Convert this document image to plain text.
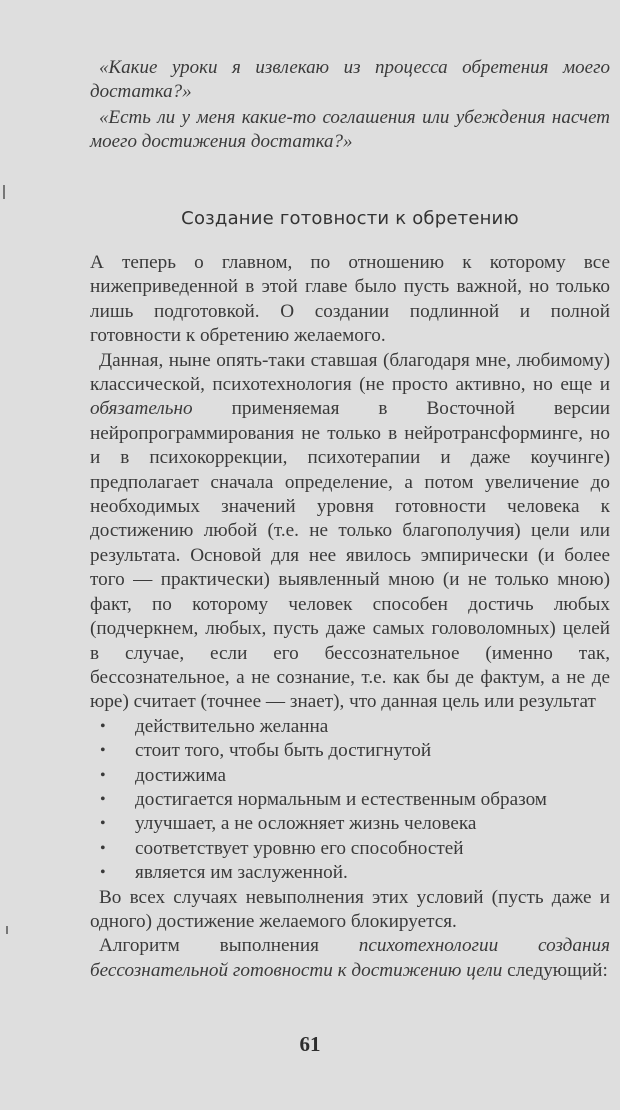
«Какие уроки я извлекаю из процесса обретения моего достатка?»

«Есть ли у меня какие-то соглашения или убеждения насчет моего достижения достатка?»

Создание готовности к обретению

А теперь о главном, по отношению к которому все нижеприведенной в этой главе было пусть важной, но только лишь подготовкой. О создании подлинной и полной готовности к обретению желаемого.

Данная, ныне опять-таки ставшая (благодаря мне, любимому) классической, психотехнология (не просто активно, но еще и обязательно применяемая в Восточной версии нейропрограммирования не только в нейротрансформинге, но и в психокоррекции, психотерапии и даже коучинге) предполагает сначала определение, а потом увеличение до необходимых значений уровня готовности человека к достижению любой (т.е. не только благополучия) цели или результата. Основой для нее явилось эмпирически (и более того — практически) выявленный мною (и не только мною) факт, по которому человек способен достичь любых (подчеркнем, любых, пусть даже самых головоломных) целей в случае, если его бессознательное (именно так, бессознательное, а не сознание, т.е. как бы де фактум, а не де юре) считает (точнее — знает), что данная цель или результат

• действительно желанна
• стоит того, чтобы быть достигнутой
• достижима
• достигается нормальным и естественным образом
• улучшает, а не осложняет жизнь человека
• соответствует уровню его способностей
• является им заслуженной.

Во всех случаях невыполнения этих условий (пусть даже и одного) достижение желаемого блокируется.

Алгоритм выполнения психотехнологии создания бессознательной готовности к достижению цели следующий:

61
